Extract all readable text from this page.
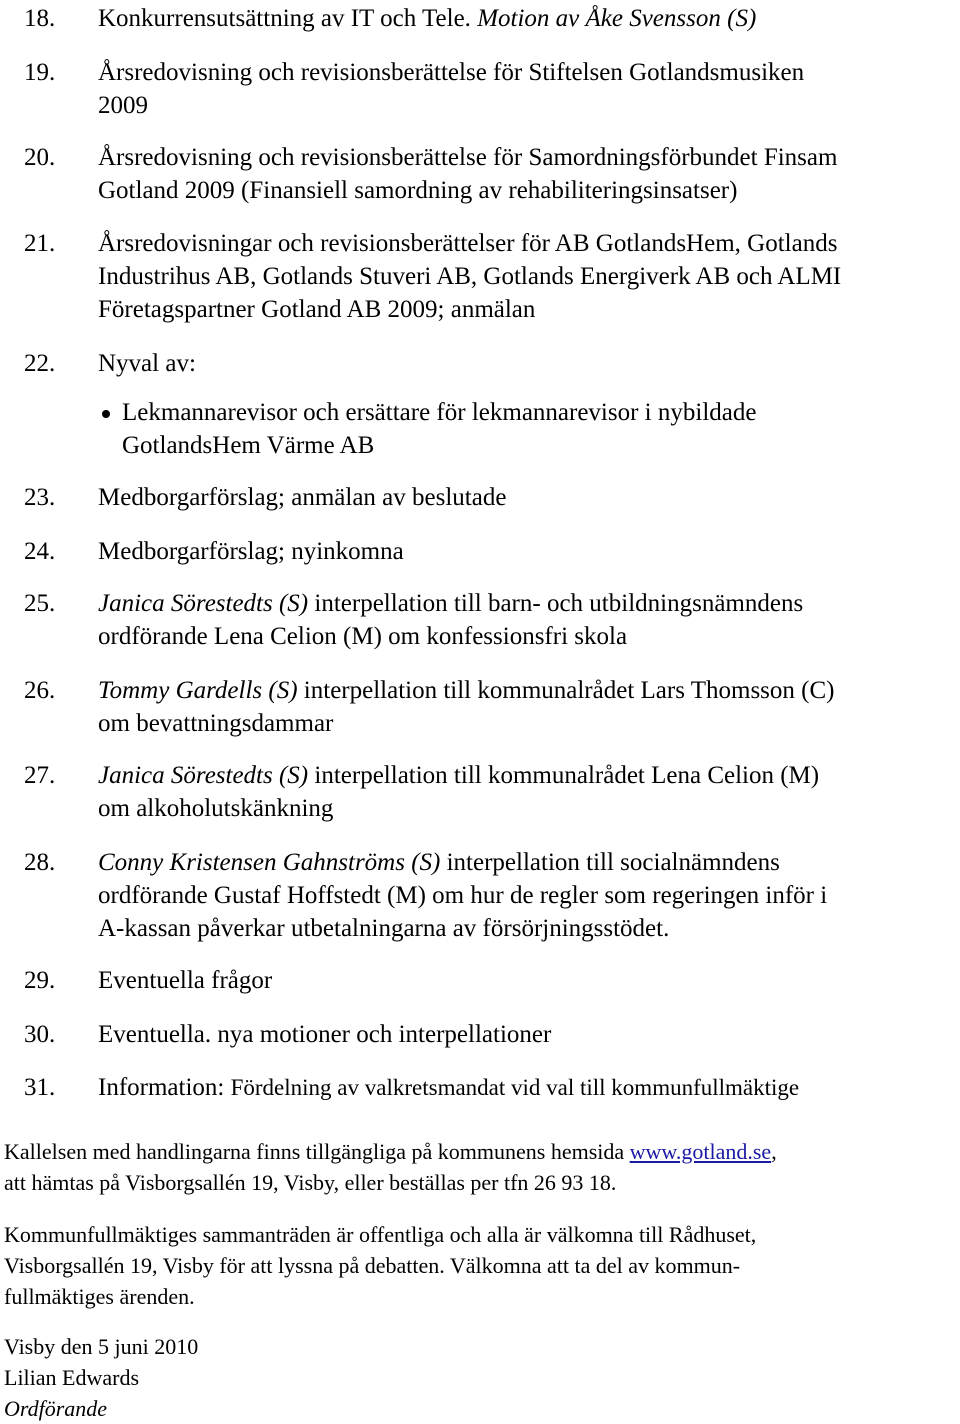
18. Konkurrensutsättning av IT och Tele. Motion av Åke Svensson (S)
19. Årsredovisning och revisionsberättelse för Stiftelsen Gotlandsmusiken
2009
20. Årsredovisning och revisionsberättelse för Samordningsförbundet Finsam
Gotland 2009 (Finansiell samordning av rehabiliteringsinsatser)
21. Årsredovisningar och revisionsberättelser för AB GotlandsHem, Gotlands
Industrihus AB, Gotlands Stuveri AB, Gotlands Energiverk AB och ALMI
Företagspartner Gotland AB 2009; anmälan
22. Nyval av:
23. Medborgarförslag; anmälan av beslutade
24. Medborgarförslag; nyinkomna
25. Janica Sörestedts (S) interpellation till barn- och utbildningsnämndens
ordförande Lena Celion (M) om konfessionsfri skola
26. Tommy Gardells (S) interpellation till kommunalrådet Lars Thomsson (C)
om bevattningsdammar
27. Janica Sörestedts (S) interpellation till kommunalrådet Lena Celion (M)
om alkoholutskänkning
28. Conny Kristensen Gahnströms (S) interpellation till socialnämndens
ordförande Gustaf Hoffstedt (M) om hur de regler som regeringen inför i
A-kassan påverkar utbetalningarna av försörjningsstödet.
29. Eventuella frågor
30. Eventuella. nya motioner och interpellationer
31. Information: Fördelning av valkretsmandat vid val till kommunfullmäktige
Lekmannarevisor och ersättare för lekmannarevisor i nybildade
GotlandsHem Värme AB
Kallelsen med handlingarna finns tillgängliga på kommunens hemsida www.gotland.se,
att hämtas på Visborgsallén 19, Visby, eller beställas per tfn 26 93 18.
Kommunfullmäktiges sammanträden är offentliga och alla är välkomna till Rådhuset,
Visborgsallén 19, Visby för att lyssna på debatten. Välkomna att ta del av kommun-
fullmäktiges ärenden.
Visby den 5 juni 2010
Lilian Edwards
Ordförande
